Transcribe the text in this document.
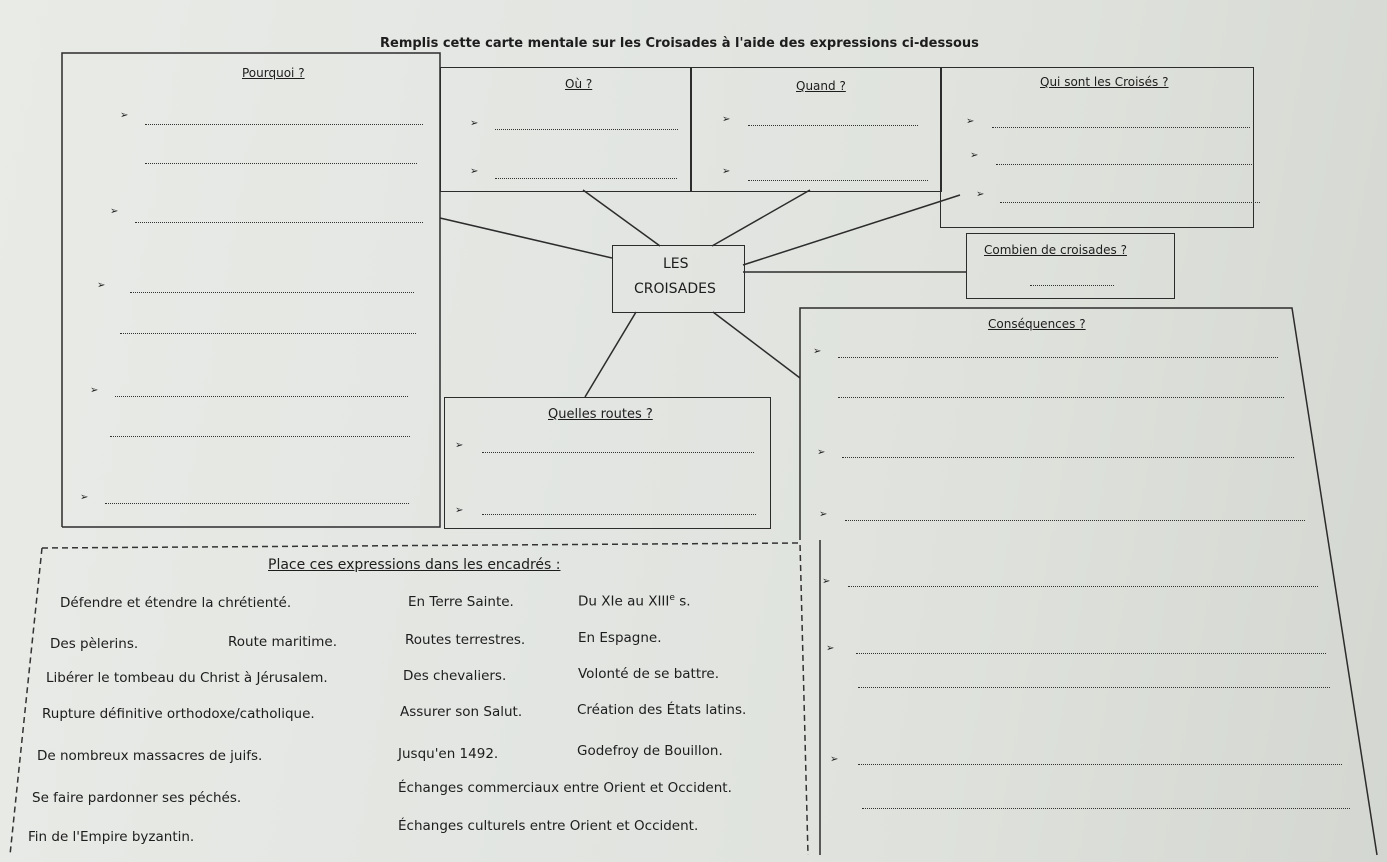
Remplis cette carte mentale sur les Croisades à l'aide des expressions ci-dessous
Pourquoi ?
➢
➢
➢
➢
➢
Où ?
➢
➢
Quand ?
➢
➢
Qui sont les Croisés ?
➢
➢
➢
LES
CROISADES
Combien de croisades ?
Conséquences ?
➢
➢
➢
➢
➢
➢
Quelles routes ?
➢
➢
Place ces expressions dans les encadrés :
Défendre et étendre la chrétienté.	En Terre Sainte.	Du XIe au XIIIe s.
Des pèlerins.	Route maritime.	Routes terrestres.	En Espagne.
Libérer le tombeau du Christ à Jérusalem.	Des chevaliers.	Volonté de se battre.
Rupture définitive orthodoxe/catholique.	Assurer son Salut.	Création des États latins.
De nombreux massacres de juifs.	Jusqu'en 1492.	Godefroy de Bouillon.
Se faire pardonner ses péchés.
Échanges commerciaux entre Orient et Occident.
Fin de l'Empire byzantin.
Échanges culturels entre Orient et Occident.
